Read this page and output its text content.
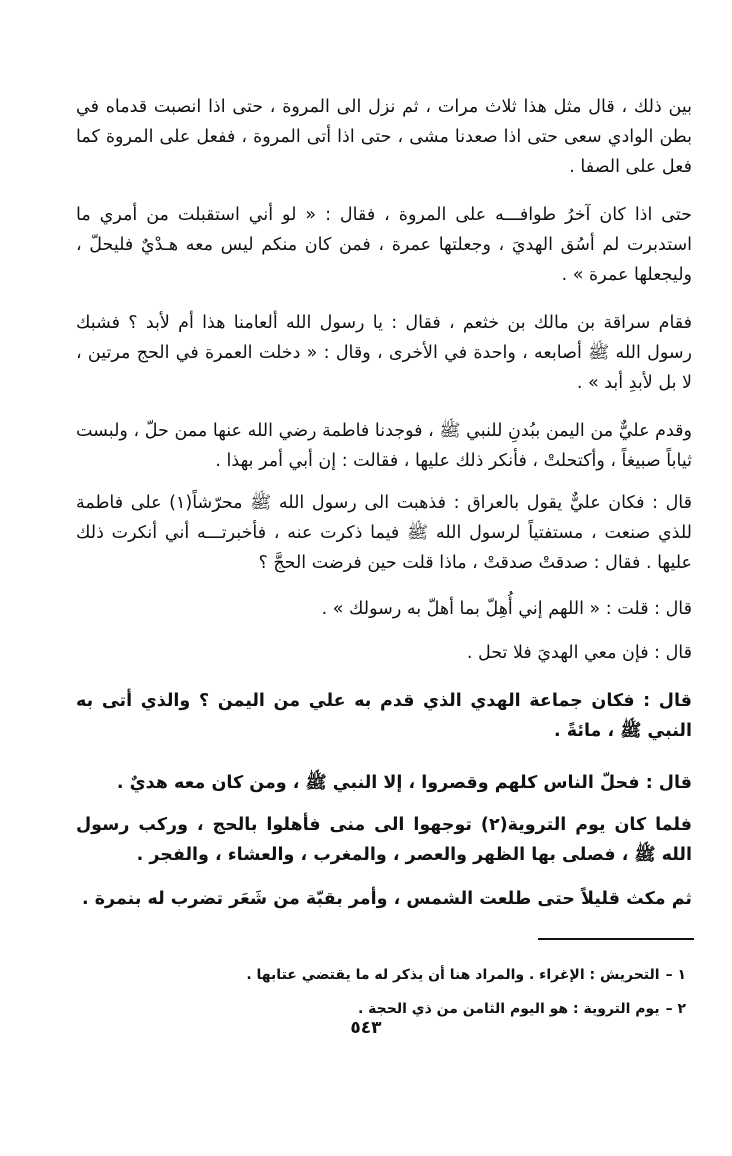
بين ذلك ، قال مثل هذا ثلاث مرات ، ثم نزل الى المروة ، حتى اذا انصبت قدماه في بطن الوادي سعى حتى اذا صعدنا مشى ، حتى اذا أتى المروة ، ففعل على المروة كما فعل على الصفا .

حتى اذا كان آخرُ طوافـــه على المروة ، فقال : « لو أني استقبلت من أمري ما استدبرت لم أسُق الهديَ ، وجعلتها عمرة ، فمن كان منكم ليس معه هـدْيٌ فليحلّ ، وليجعلها عمرة » .

فقام سراقة بن مالك بن خثعم ، فقال : يا رسول الله ألعامنا هذا أم لأبد ؟ فشبك رسول الله ﷺ أصابعه ، واحدة في الأخرى ، وقال : « دخلت العمرة في الحج مرتين ، لا بل لأبدِ أبد » .

وقدم عليٌّ من اليمن ببُدنِ للنبي ﷺ ، فوجدنا فاطمة رضي الله عنها ممن حلّ ، ولبست ثياباً صبيغاً ، وأكتحلتْ ، فأنكر ذلك عليها ، فقالت : إن أبي أمر بهذا .

قال : فكان عليٌّ يقول بالعراق : فذهبت الى رسول الله ﷺ محرّشاً(١) على فاطمة للذي صنعت ، مستفتياً لرسول الله ﷺ فيما ذكرت عنه ، فأخبرتـــه أني أنكرت ذلك عليها . فقال : صدقتْ صدقتْ ، ماذا قلت حين فرضت الحجَّ ؟

قال : قلت : « اللهم إني أُهِلّ بما أهلّ به رسولك » .

قال : فإن معي الهديَ فلا تحل .

قال : فكان جماعة الهدي الذي قدم به علي من اليمن ؟ والذي أتى به النبي ﷺ ، مائةً .

قال : فحلّ الناس كلهم وقصروا ، إلا النبي ﷺ ، ومن كان معه هديٌ .

فلما كان يوم التروية(٢) توجهوا الى منى فأهلوا بالحج ، وركب رسول الله ﷺ ، فصلى بها الظهر والعصر ، والمغرب ، والعشاء ، والفجر .

ثم مكث قليلاً حتى طلعت الشمس ، وأمر بقبّة من شَعَر تضرب له بنمرة .

١ –
التحريش : الإغراء . والمراد هنا أن يذكر له ما يقتضي عتابها .
٢ –
يوم التروية : هو اليوم الثامن من ذي الحجة .
٥٤٣
